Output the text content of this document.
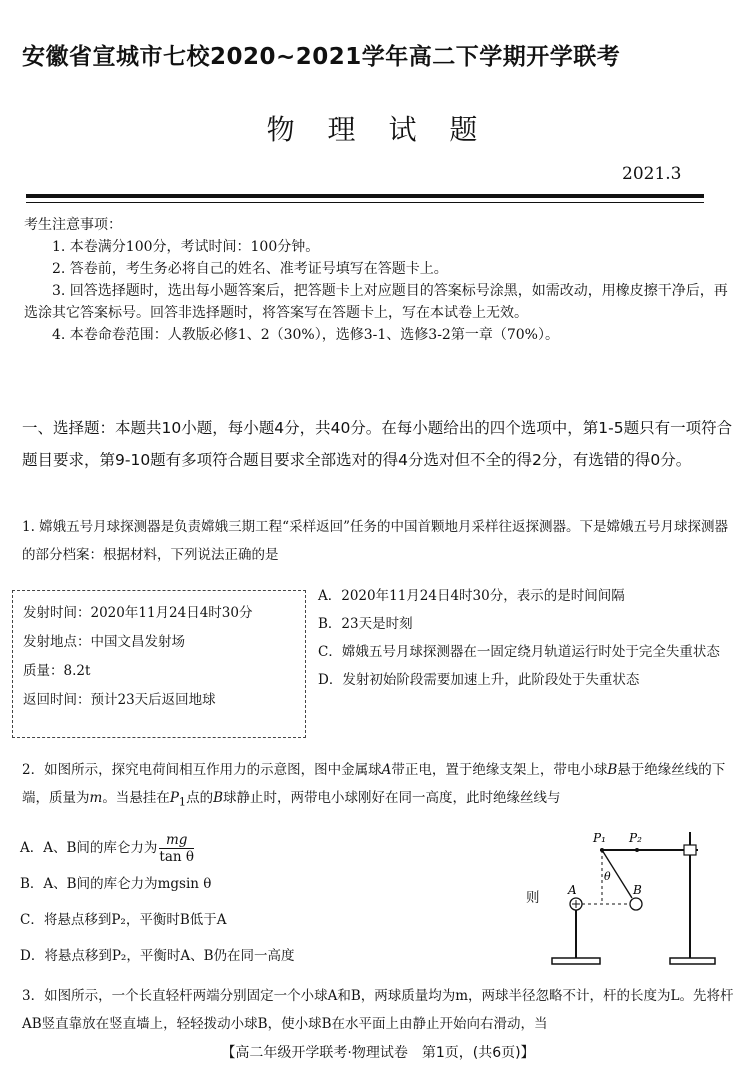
安徽省宣城市七校2020~2021学年高二下学期开学联考
物 理 试 题
2021.3
考生注意事项：
1. 本卷满分100分，考试时间：100分钟。
2. 答卷前，考生务必将自己的姓名、准考证号填写在答题卡上。
3. 回答选择题时，选出每小题答案后，把答题卡上对应题目的答案标号涂黑，如需改动，用橡皮擦干净后，再选涂其它答案标号。回答非选择题时，将答案写在答题卡上，写在本试卷上无效。
4. 本卷命卷范围：人教版必修1、2（30%），选修3-1、选修3-2第一章（70%）。
一、选择题：本题共10小题，每小题4分，共40分。在每小题给出的四个选项中，第1-5题只有一项符合题目要求，第9-10题有多项符合题目要求全部选对的得4分选对但不全的得2分，有选错的得0分。
1. 嫦娥五号月球探测器是负责嫦娥三期工程“采样返回”任务的中国首颗地月采样往返探测器。下是嫦娥五号月球探测器的部分档案：根据材料，下列说法正确的是
发射时间：2020年11月24日4时30分
发射地点：中国文昌发射场
质量：8.2t
返回时间：预计23天后返回地球
A．2020年11月24日4时30分，表示的是时间间隔
B．23天是时刻
C．嫦娥五号月球探测器在一固定绕月轨道运行时处于完全失重状态
D．发射初始阶段需要加速上升，此阶段处于失重状态
2．如图所示，探究电荷间相互作用力的示意图，图中金属球A带正电，置于绝缘支架上，带电小球B悬于绝缘丝线的下端，质量为m。当悬挂在$P_1$点的B球静止时，两带电小球刚好在同一高度，此时绝缘丝线与
A．A、B间的库仑力为 $\frac{mg}{\text{tan θ}}$
B．A、B间的库仑力为mgsin θ
C．将悬点移到P₂，平衡时B低于A
D．将悬点移到P₂，平衡时A、B仍在同一高度
则
P₁ P₂
θ
B
A
3．如图所示，一个长直轻杆两端分别固定一个小球A和B，两球质量均为m，两球半径忽略不计，杆的长度为L。先将杆AB竖直靠放在竖直墙上，轻轻拨动小球B，使小球B在水平面上由静止开始向右滑动，当
【高二年级开学联考·物理试卷　第1页，(共6页)】
